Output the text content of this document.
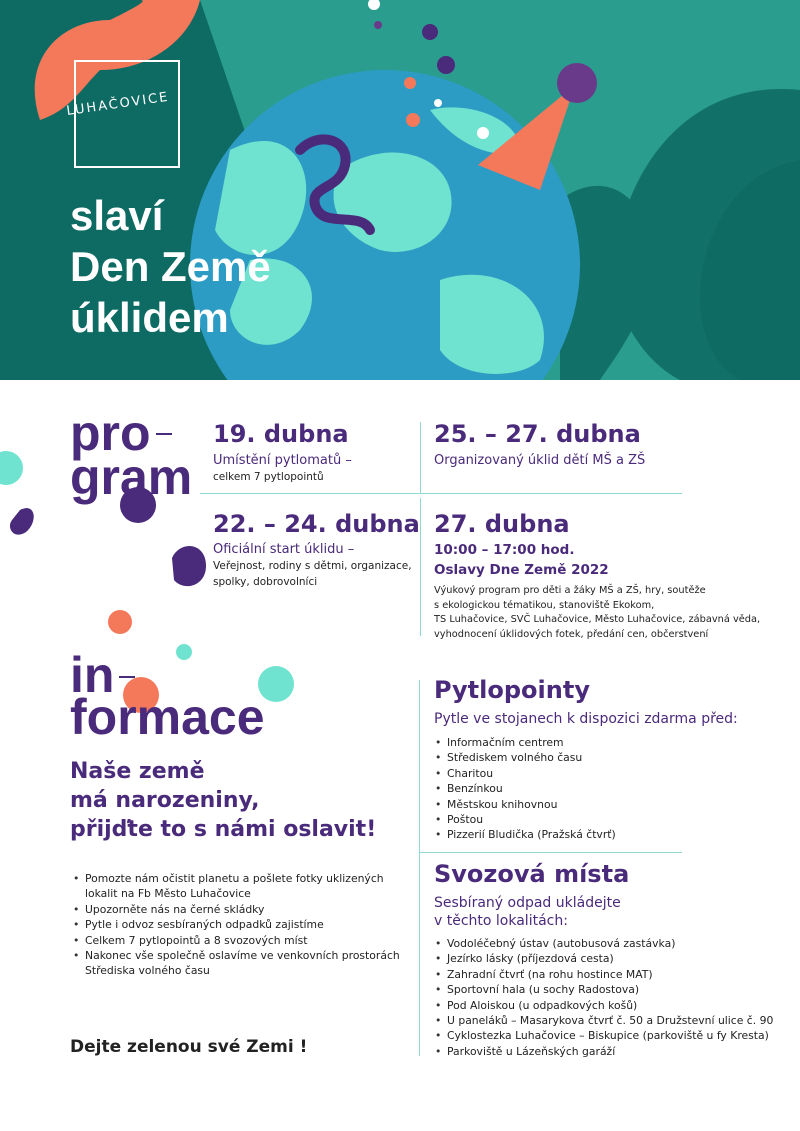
LUHAČOVICE
slaví
Den Země
úklidem
pro
gram
19. dubna
Umístění pytlomatů –
celkem 7 pytlopointů
25. – 27. dubna
Organizovaný úklid dětí MŠ a ZŠ
22. – 24. dubna
Oficiální start úklidu –
Veřejnost, rodiny s dětmi, organizace,
spolky, dobrovolníci
27. dubna
10:00 – 17:00 hod.
Oslavy Dne Země 2022
Výukový program pro děti a žáky MŠ a ZŠ, hry, soutěže
s ekologickou tématikou, stanoviště Ekokom,
TS Luhačovice, SVČ Luhačovice, Město Luhačovice, zábavná věda,
vyhodnocení úklidových fotek, předání cen, občerstvení
in
formace
Naše země
má narozeniny,
přijďte to s námi oslavit!
• Pomozte nám očistit planetu a pošlete fotky uklizených lokalit na Fb Město Luhačovice
• Upozorněte nás na černé skládky
• Pytle i odvoz sesbíraných odpadků zajistíme
• Celkem 7 pytlopointů a 8 svozových míst
• Nakonec vše společně oslavíme ve venkovních prostorách Střediska volného času
Dejte zelenou své Zemi !
Pytlopointy
Pytle ve stojanech k dispozici zdarma před:
• Informačním centrem
• Střediskem volného času
• Charitou
• Benzínkou
• Městskou knihovnou
• Poštou
• Pizzerií Bludička (Pražská čtvrť)
Svozová místa
Sesbíraný odpad ukládejte
v těchto lokalitách:
• Vodoléčebný ústav (autobusová zastávka)
• Jezírko lásky (příjezdová cesta)
• Zahradní čtvrť (na rohu hostince MAT)
• Sportovní hala (u sochy Radostova)
• Pod Aloiskou (u odpadkových košů)
• U paneláků – Masarykova čtvrť č. 50 a Družstevní ulice č. 90
• Cyklostezka Luhačovice – Biskupice (parkoviště u fy Kresta)
• Parkoviště u Lázeňských garáží
